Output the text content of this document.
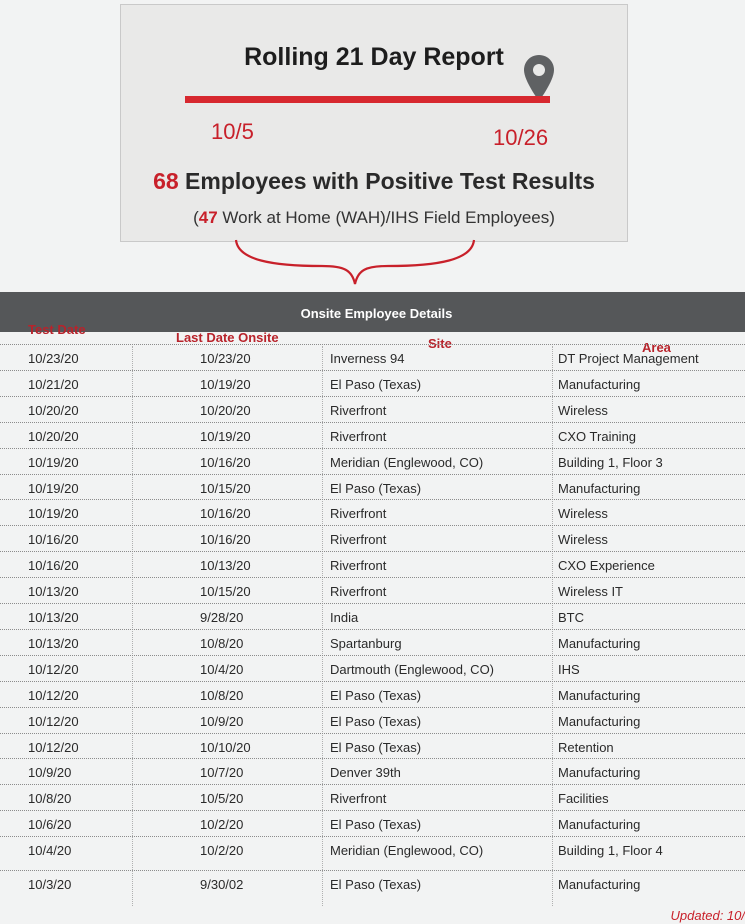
Rolling 21 Day Report
10/5	10/26
68 Employees with Positive Test Results
(47 Work at Home (WAH)/IHS Field Employees)
Onsite Employee Details
Test Date
Last Date Onsite	Site	Area
10/23/20	10/23/20	Inverness 94	DT Project Management
10/21/20	10/19/20	El Paso (Texas)	Manufacturing
10/20/20	10/20/20	Riverfront	Wireless
10/20/20	10/19/20	Riverfront	CXO Training
10/19/20	10/16/20	Meridian (Englewood, CO)	Building 1, Floor 3
10/19/20	10/15/20	El Paso (Texas)	Manufacturing
10/19/20	10/16/20	Riverfront	Wireless
10/16/20	10/16/20	Riverfront	Wireless
10/16/20	10/13/20	Riverfront	CXO Experience
10/13/20	10/15/20	Riverfront	Wireless IT
10/13/20	9/28/20	India	BTC
10/13/20	10/8/20	Spartanburg	Manufacturing
10/12/20	10/4/20	Dartmouth (Englewood, CO)	IHS
10/12/20	10/8/20	El Paso (Texas)	Manufacturing
10/12/20	10/9/20	El Paso (Texas)	Manufacturing
10/12/20	10/10/20	El Paso (Texas)	Retention
10/9/20	10/7/20	Denver 39th	Manufacturing
10/8/20	10/5/20	Riverfront	Facilities
10/6/20	10/2/20	El Paso (Texas)	Manufacturing
10/4/20	10/2/20	Meridian (Englewood, CO)	Building 1, Floor 4
10/3/20	9/30/02	El Paso (Texas)	Manufacturing
Updated: 10/
